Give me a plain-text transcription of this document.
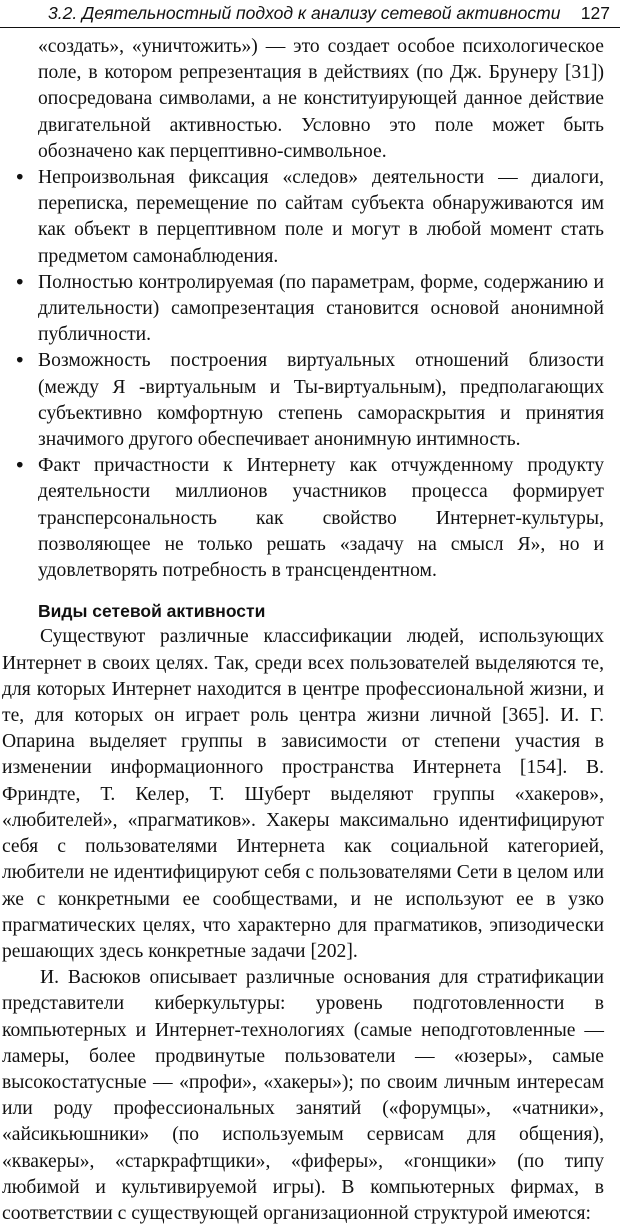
3.2. Деятельностный подход к анализу сетевой активности 127

«создать», «уничтожить») — это создает особое психологическое поле, в котором репрезентация в действиях (по Дж. Брунеру [31]) опосредована символами, а не конституирующей данное действие двигательной активностью. Условно это поле может быть обозначено как перцептивно-символьное.

• Непроизвольная фиксация «следов» деятельности — диалоги, переписка, перемещение по сайтам субъекта обнаруживаются им как объект в перцептивном поле и могут в любой момент стать предметом самонаблюдения.
• Полностью контролируемая (по параметрам, форме, содержанию и длительности) самопрезентация становится основой анонимной публичности.
• Возможность построения виртуальных отношений близости (между Я -виртуальным и Ты-виртуальным), предполагающих субъективно комфортную степень самораскрытия и принятия значимого другого обеспечивает анонимную интимность.
• Факт причастности к Интернету как отчужденному продукту деятельности миллионов участников процесса формирует трансперсональность как свойство Интернет-культуры, позволяющее не только решать «задачу на смысл Я», но и удовлетворять потребность в трансцендентном.
Виды сетевой активности

Существуют различные классификации людей, использующих Интернет в своих целях. Так, среди всех пользователей выделяются те, для которых Интернет находится в центре профессиональной жизни, и те, для которых он играет роль центра жизни личной [365]. И. Г. Опарина выделяет группы в зависимости от степени участия в изменении информационного пространства Интернета [154]. В. Фриндте, Т. Келер, Т. Шуберт выделяют группы «хакеров», «любителей», «прагматиков». Хакеры максимально идентифицируют себя с пользователями Интернета как социальной категорией, любители не идентифицируют себя с пользователями Сети в целом или же с конкретными ее сообществами, и не используют ее в узко прагматических целях, что характерно для прагматиков, эпизодически решающих здесь конкретные задачи [202].

И. Васюков описывает различные основания для стратификации представители киберкультуры: уровень подготовленности в компьютерных и Интернет-технологиях (самые неподготовленные — ламеры, более продвинутые пользователи — «юзеры», самые высокостатусные — «профи», «хакеры»); по своим личным интересам или роду профессиональных занятий («форумцы», «чатники», «айсикьюшники» (по используемым сервисам для общения), «квакеры», «старкрафтщики», «фиферы», «гонщики» (по типу любимой и культивируемой игры). В компьютерных фирмах, в соответствии с существующей организационной структурой имеются:
